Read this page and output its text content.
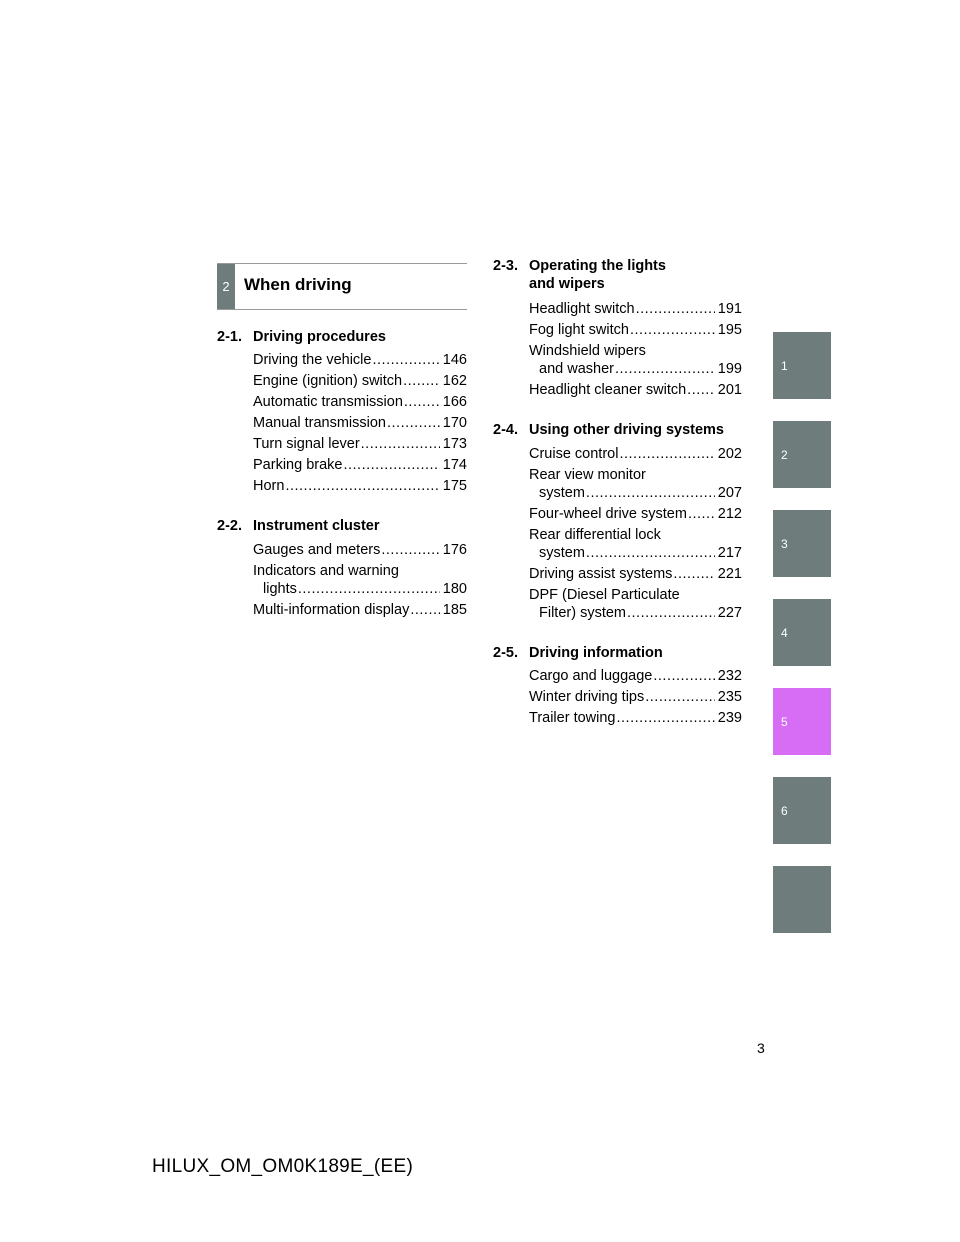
2 When driving
2-1. Driving procedures
Driving the vehicle .....	146
Engine (ignition) switch .....	162
Automatic transmission .....	166
Manual transmission .....	170
Turn signal lever .....	173
Parking brake .....	174
Horn .....	175
2-2. Instrument cluster
Gauges and meters .....	176
Indicators and warning
lights .....	180
Multi-information display ..... 185
2-3. Operating the lights
and wipers
Headlight switch .....	191
Fog light switch .....	195
Windshield wipers
and washer .....	199
Headlight cleaner switch ..... 201
2-4. Using other driving systems
Cruise control .....	202
Rear view monitor
system .....	207
Four-wheel drive system ..... 212
Rear differential lock
system .....	217
Driving assist systems .....	221
DPF (Diesel Particulate
Filter) system .....	227
2-5. Driving information
Cargo and luggage .....	232
Winter driving tips .....	235
Trailer towing .....	239
1
2
3
4
5
6
3
HILUX_OM_OM0K189E_(EE)
